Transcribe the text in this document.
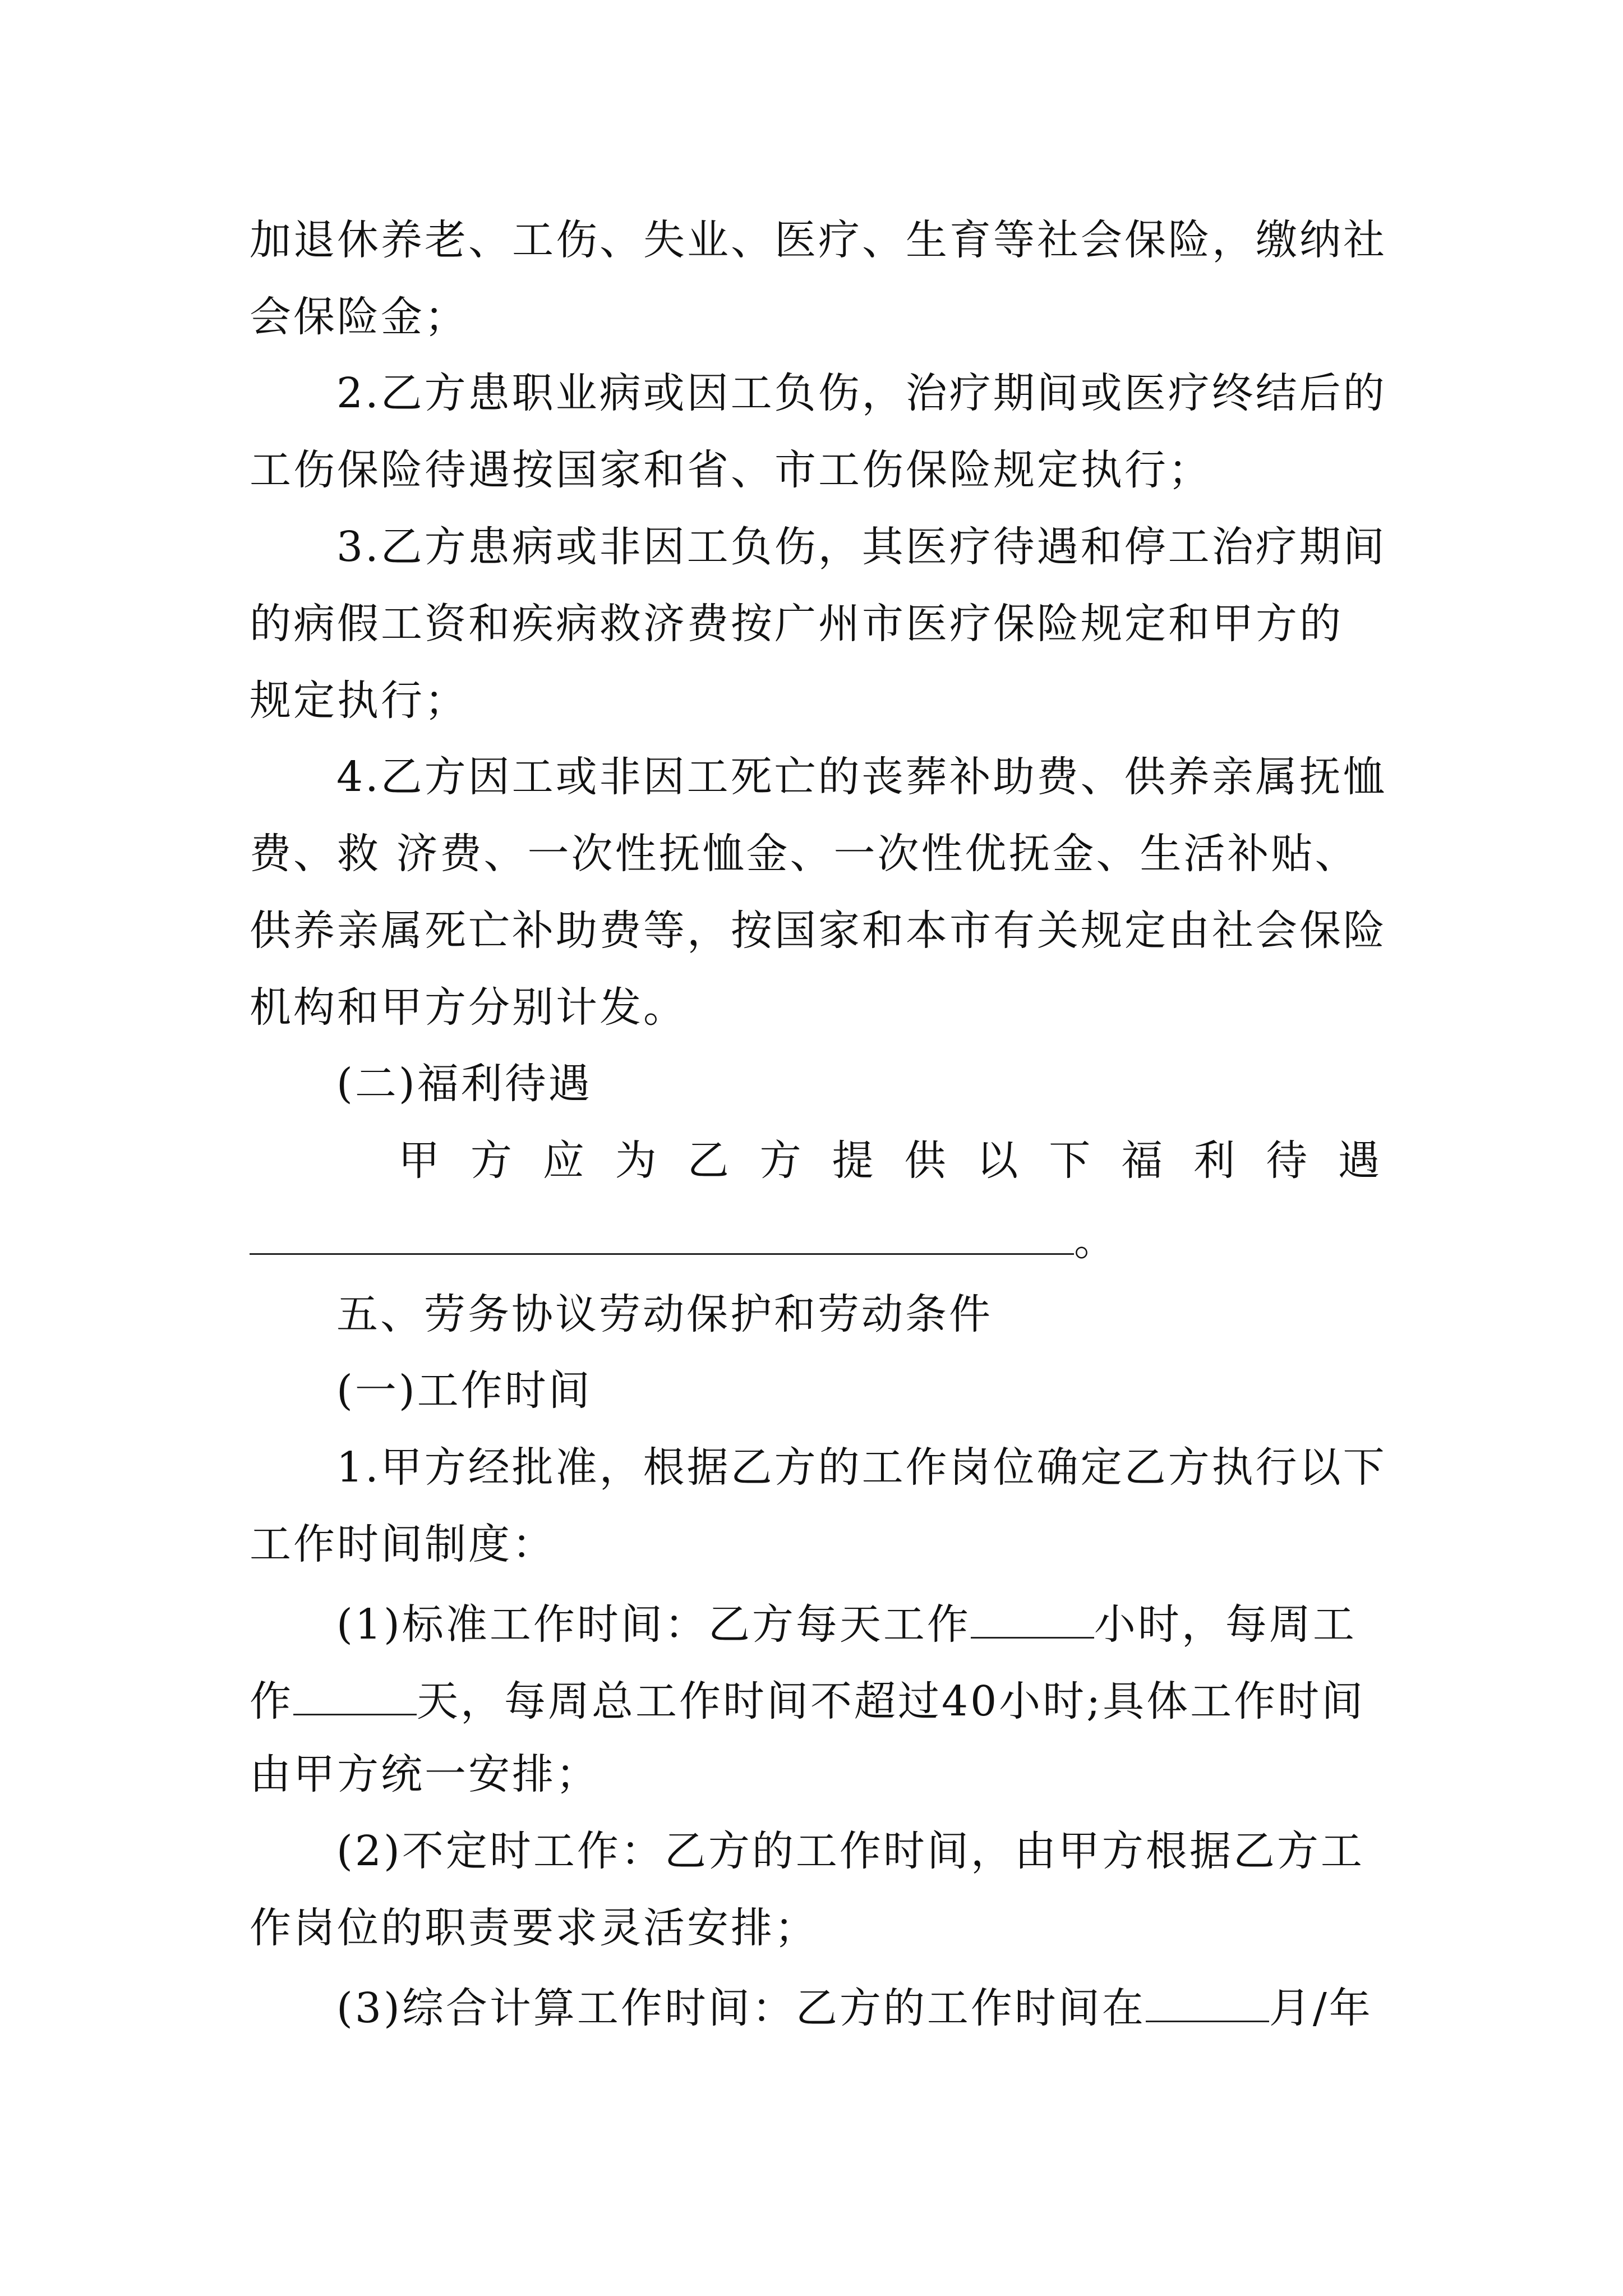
加退休养老、工伤、失业、医疗、生育等社会保险，缴纳社
会保险金；
2.乙方患职业病或因工负伤，治疗期间或医疗终结后的
工伤保险待遇按国家和省、市工伤保险规定执行；
3.乙方患病或非因工负伤，其医疗待遇和停工治疗期间
的病假工资和疾病救济费按广州市医疗保险规定和甲方的
规定执行；
4.乙方因工或非因工死亡的丧葬补助费、供养亲属抚恤
费、救 济费、一次性抚恤金、一次性优抚金、生活补贴、
供养亲属死亡补助费等，按国家和本市有关规定由社会保险
机构和甲方分别计发。
(二)福利待遇
甲 方 应 为 乙 方 提 供 以 下 福 利 待 遇
。
五、劳务协议劳动保护和劳动条件
(一)工作时间
1.甲方经批准，根据乙方的工作岗位确定乙方执行以下
工作时间制度：
(1)标准工作时间：乙方每天工作	小时，每周工
作	天，每周总工作时间不超过40小时;具体工作时间
由甲方统一安排；
(2)不定时工作：乙方的工作时间，由甲方根据乙方工
作岗位的职责要求灵活安排；
(3)综合计算工作时间：乙方的工作时间在	月/年
